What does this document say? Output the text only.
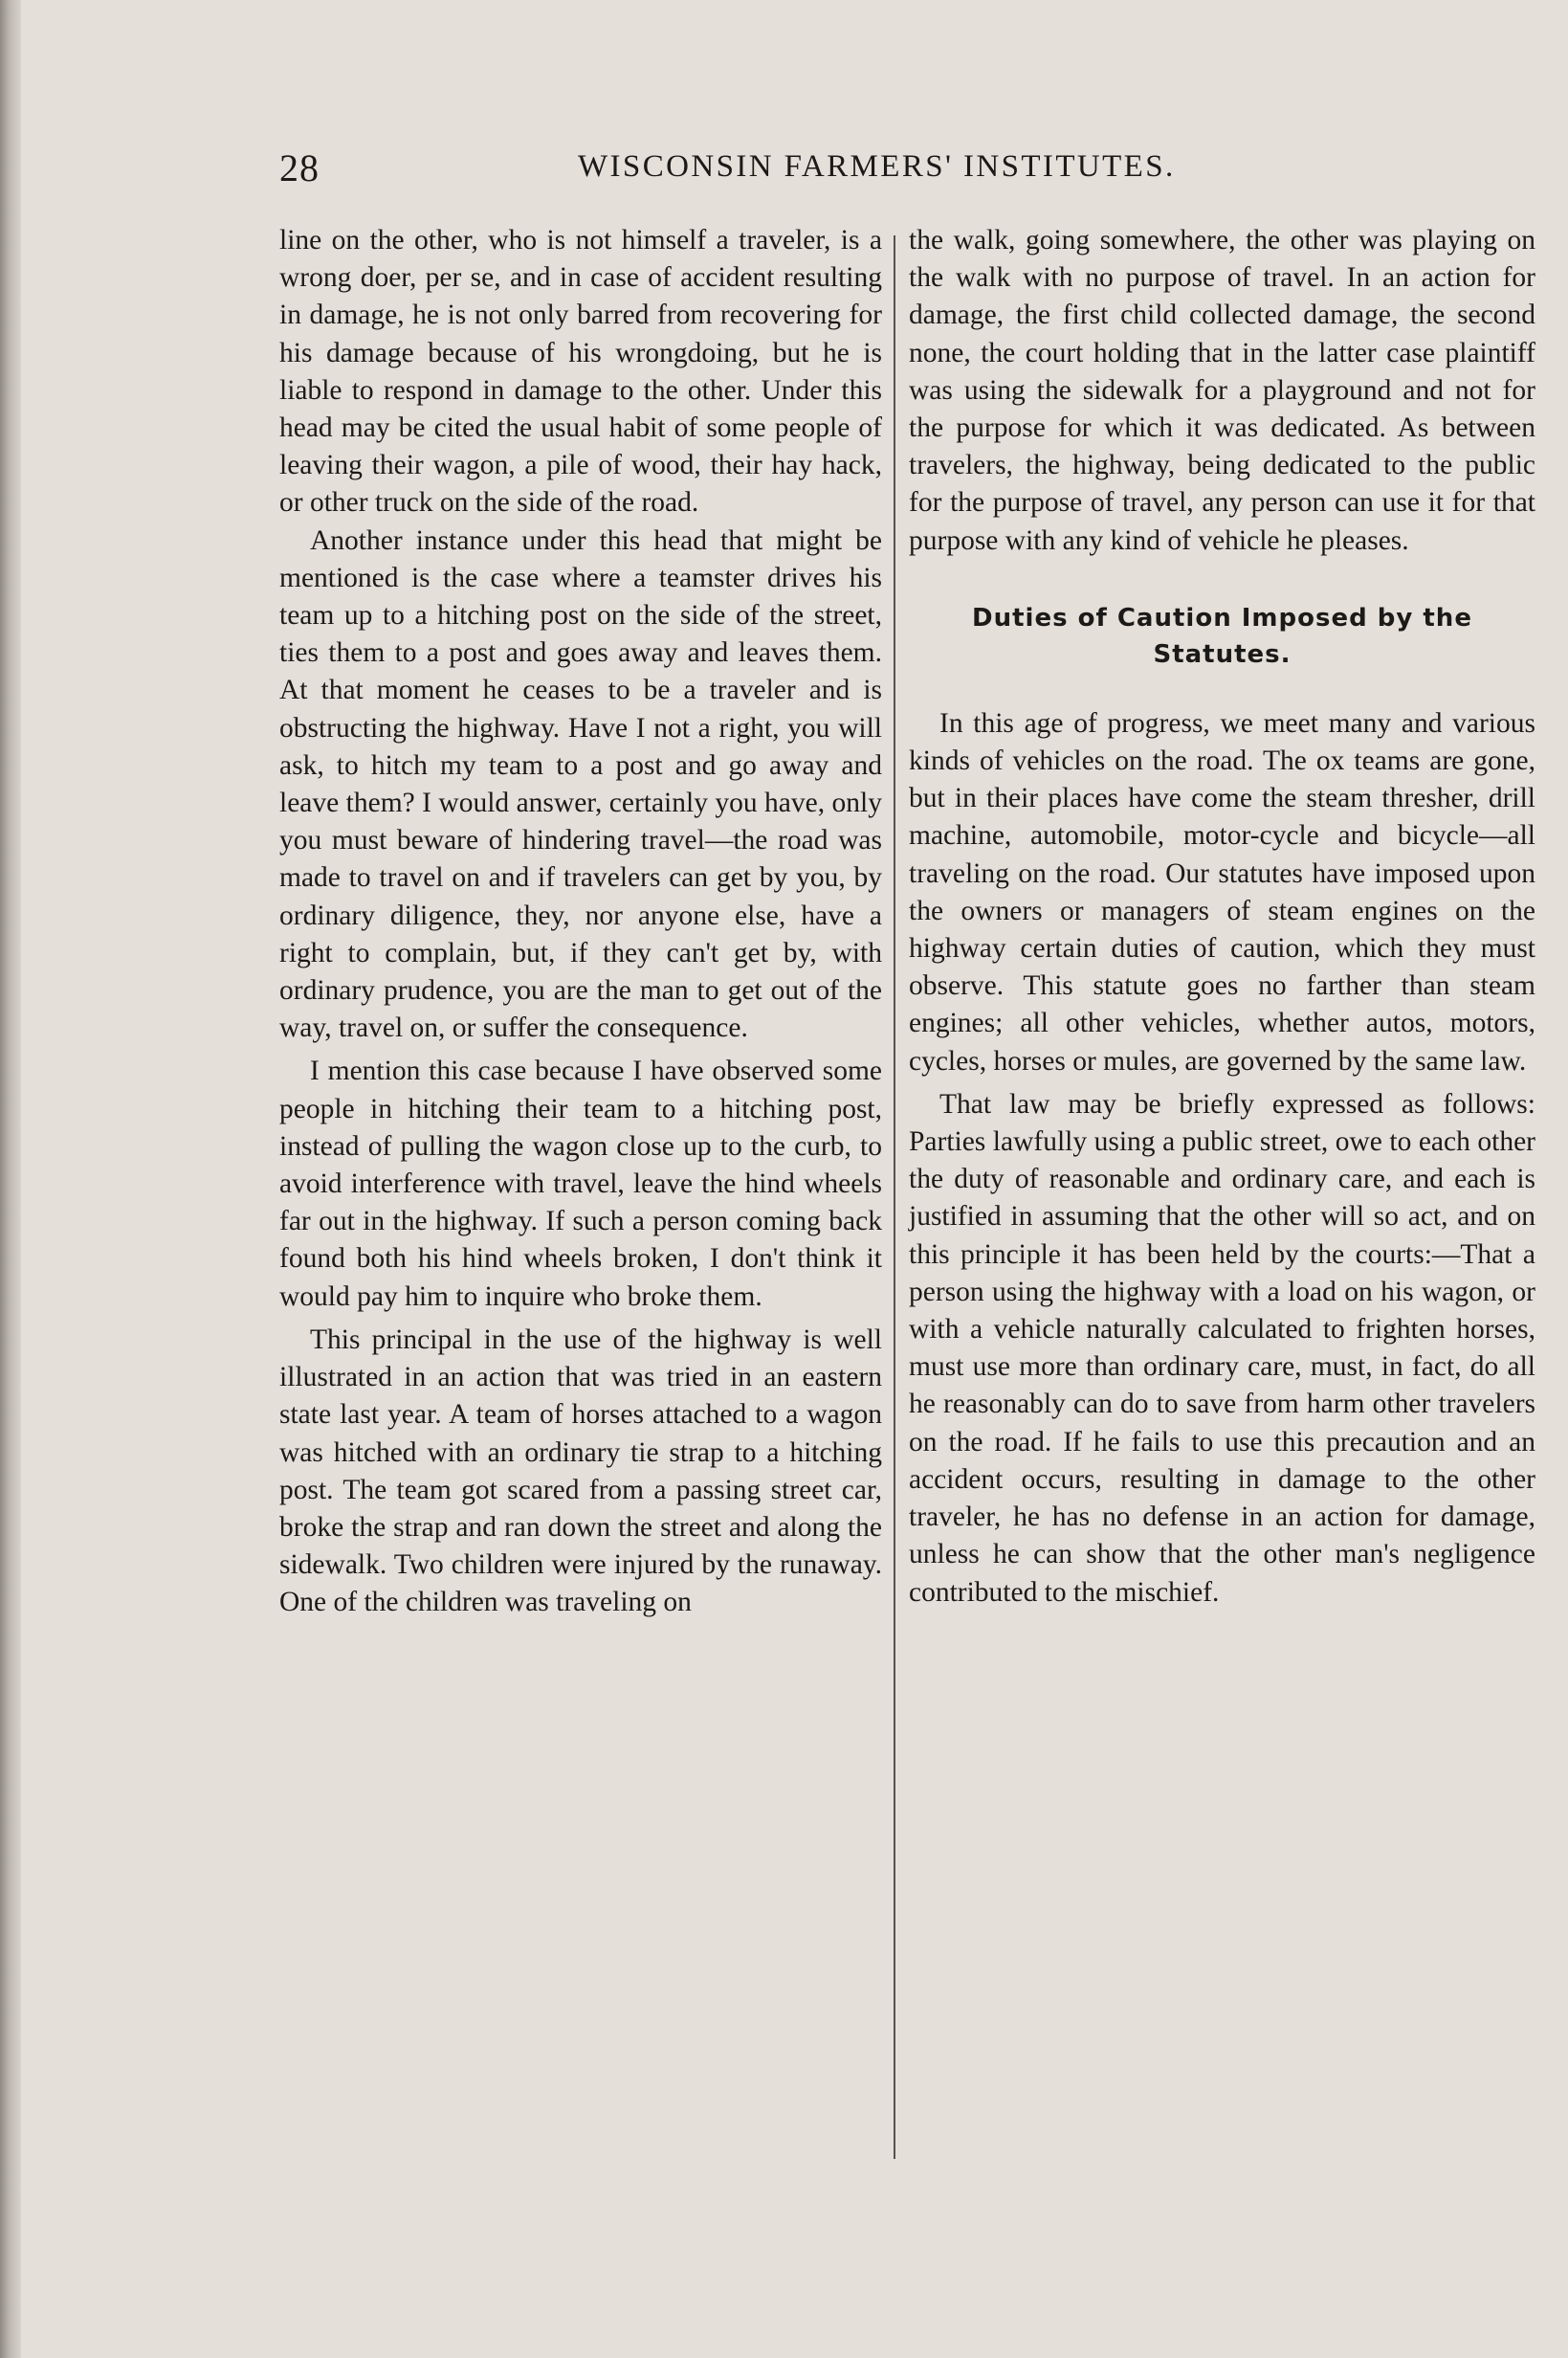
28	WISCONSIN FARMERS' INSTITUTES.

line on the other, who is not himself a traveler, is a wrong doer, per se, and in case of accident resulting in damage, he is not only barred from recovering for his damage because of his wrongdoing, but he is liable to respond in damage to the other. Under this head may be cited the usual habit of some people of leaving their wagon, a pile of wood, their hay hack, or other truck on the side of the road.

Another instance under this head that might be mentioned is the case where a teamster drives his team up to a hitching post on the side of the street, ties them to a post and goes away and leaves them. At that moment he ceases to be a traveler and is obstructing the highway. Have I not a right, you will ask, to hitch my team to a post and go away and leave them? I would answer, certainly you have, only you must beware of hindering travel—the road was made to travel on and if travelers can get by you, by ordinary diligence, they, nor anyone else, have a right to complain, but, if they can't get by, with ordinary prudence, you are the man to get out of the way, travel on, or suffer the consequence.

I mention this case because I have observed some people in hitching their team to a hitching post, instead of pulling the wagon close up to the curb, to avoid interference with travel, leave the hind wheels far out in the highway. If such a person coming back found both his hind wheels broken, I don't think it would pay him to inquire who broke them.

This principal in the use of the highway is well illustrated in an action that was tried in an eastern state last year. A team of horses attached to a wagon was hitched with an ordinary tie strap to a hitching post. The team got scared from a passing street car, broke the strap and ran down the street and along the sidewalk. Two children were injured by the runaway. One of the children was traveling on

the walk, going somewhere, the other was playing on the walk with no purpose of travel. In an action for damage, the first child collected damage, the second none, the court holding that in the latter case plaintiff was using the sidewalk for a playground and not for the purpose for which it was dedicated. As between travelers, the highway, being dedicated to the public for the purpose of travel, any person can use it for that purpose with any kind of vehicle he pleases.

Duties of Caution Imposed by the Statutes.

In this age of progress, we meet many and various kinds of vehicles on the road. The ox teams are gone, but in their places have come the steam thresher, drill machine, automobile, motor-cycle and bicycle—all traveling on the road. Our statutes have imposed upon the owners or managers of steam engines on the highway certain duties of caution, which they must observe. This statute goes no farther than steam engines; all other vehicles, whether autos, motors, cycles, horses or mules, are governed by the same law.

That law may be briefly expressed as follows: Parties lawfully using a public street, owe to each other the duty of reasonable and ordinary care, and each is justified in assuming that the other will so act, and on this principle it has been held by the courts:—That a person using the highway with a load on his wagon, or with a vehicle naturally calculated to frighten horses, must use more than ordinary care, must, in fact, do all he reasonably can do to save from harm other travelers on the road. If he fails to use this precaution and an accident occurs, resulting in damage to the other traveler, he has no defense in an action for damage, unless he can show that the other man's negligence contributed to the mischief.
